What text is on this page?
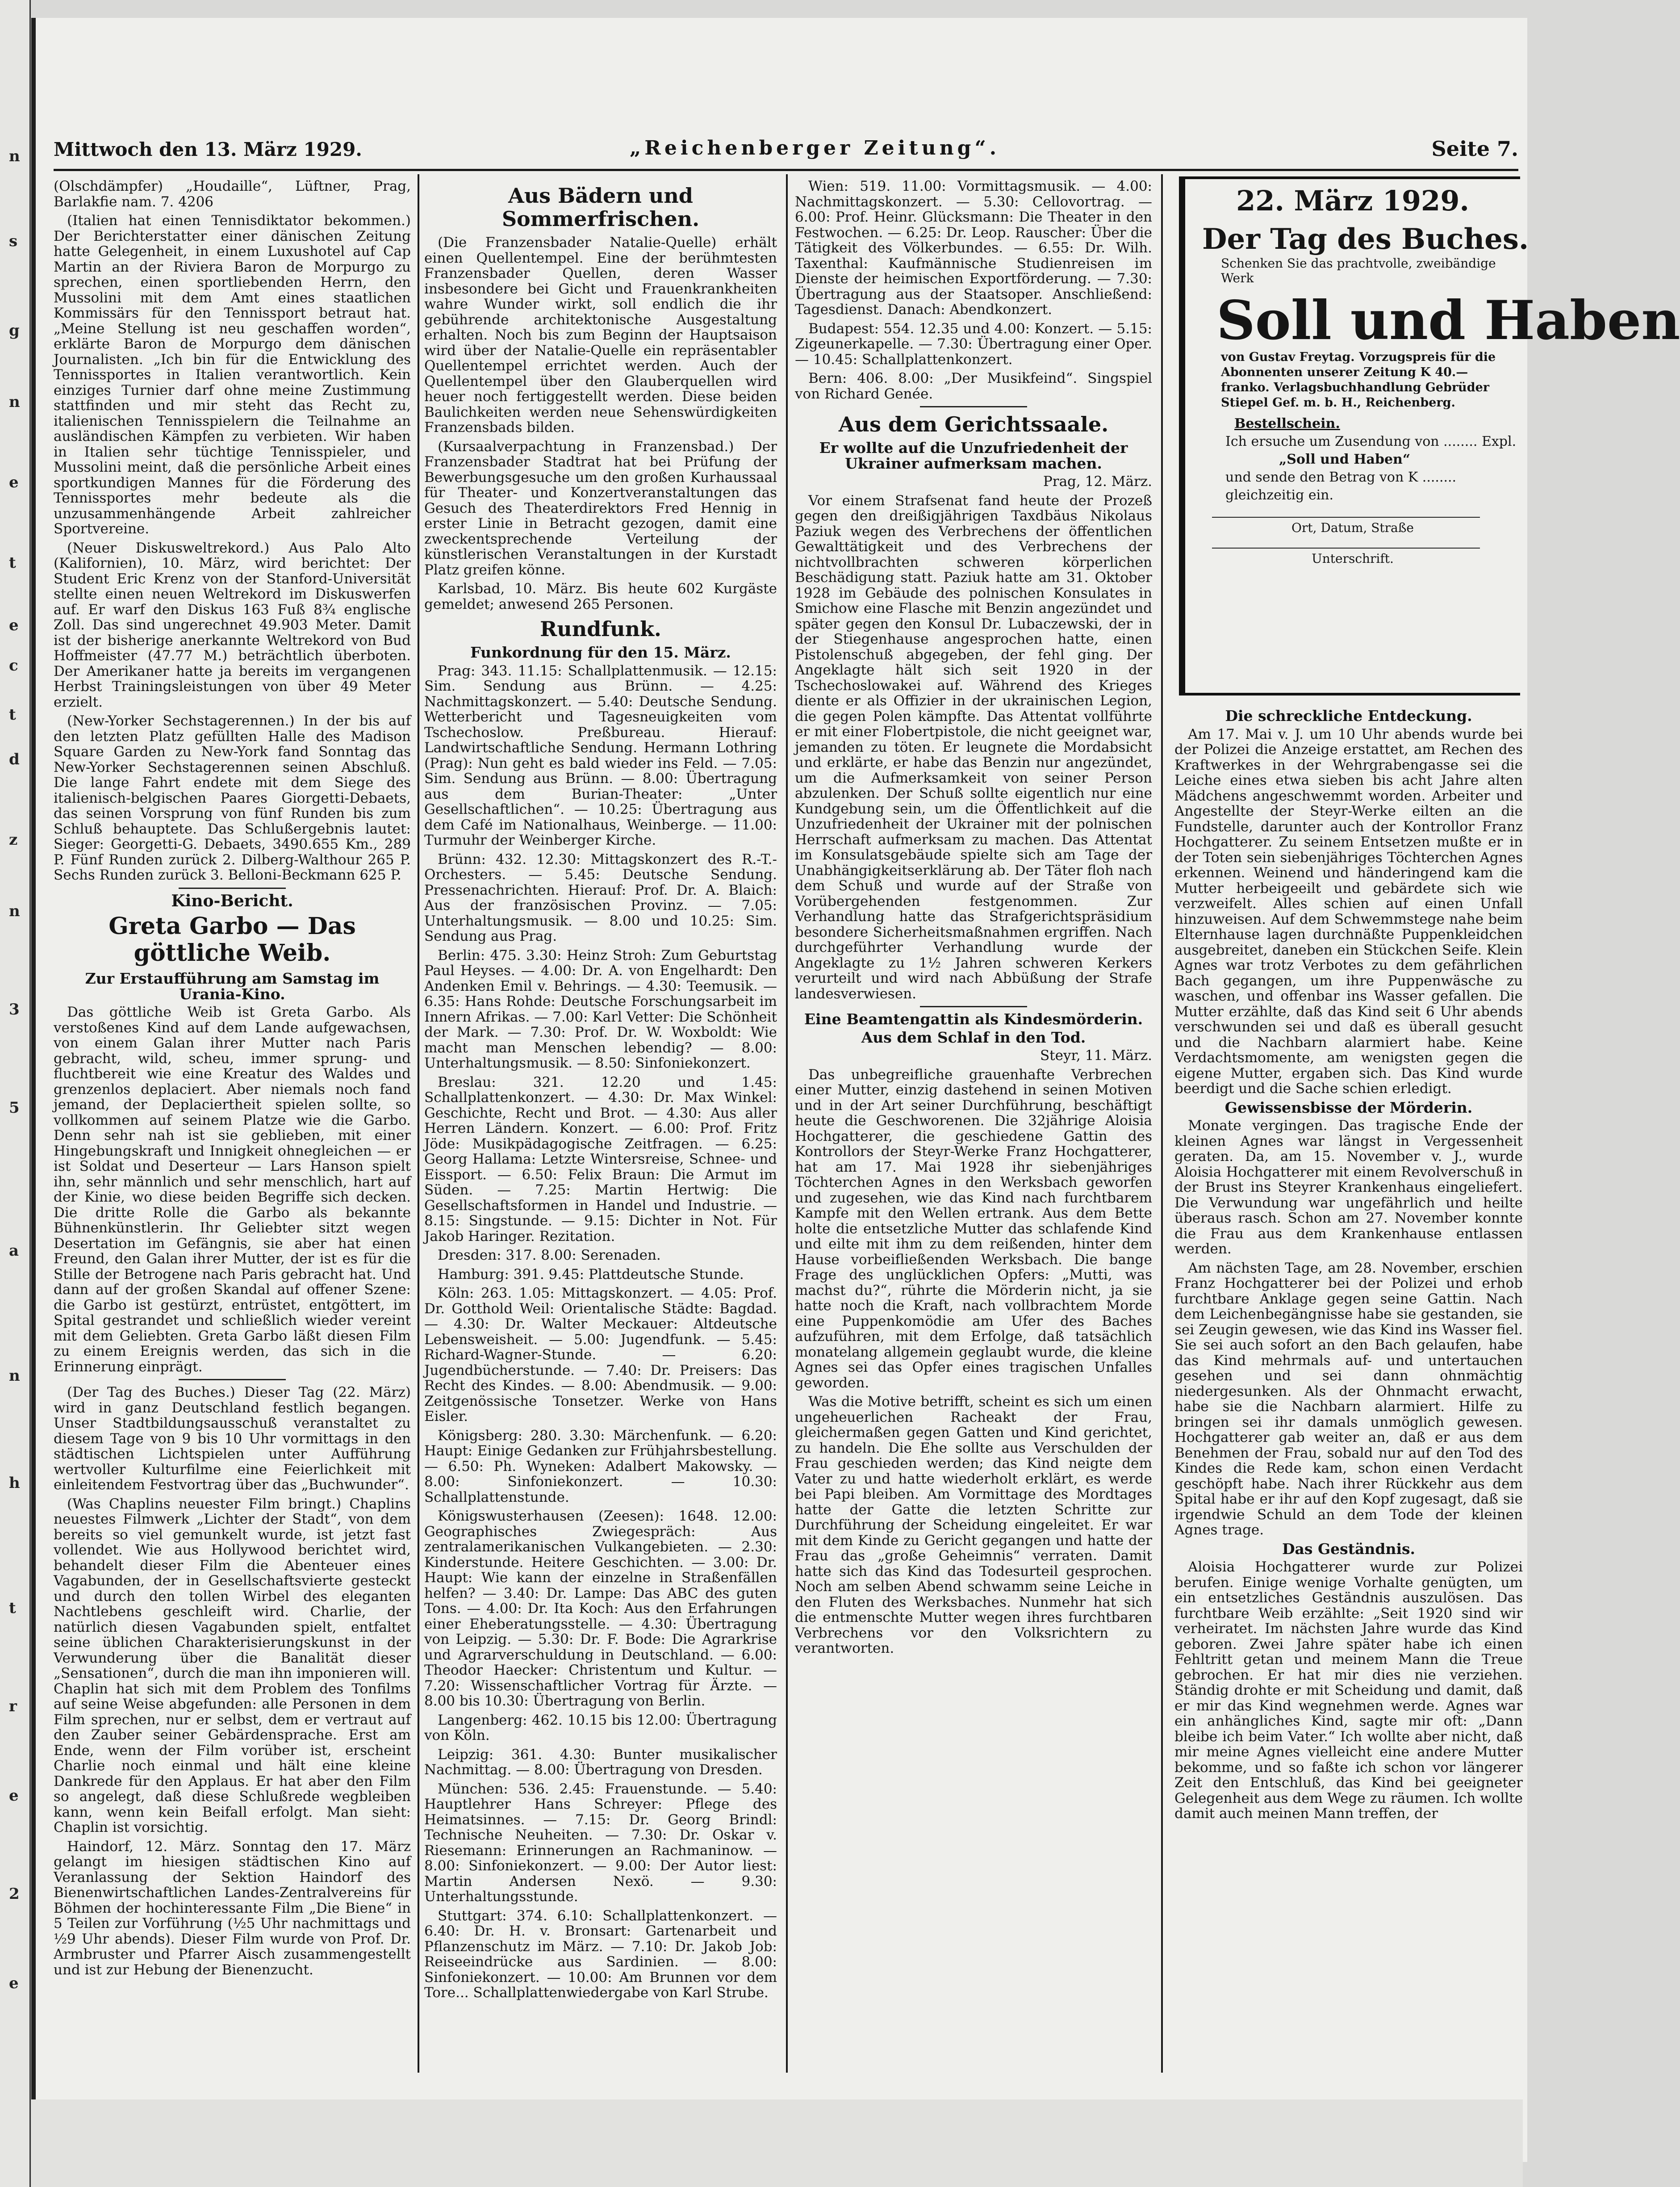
n
s
g
n
e
t
e
c
t
d
z
n
3
5
a
n
h
t
r
e
2
e
Mittwoch den 13. März 1929.	„Reichenberger Zeitung“.	Seite 7.

(Olschdämpfer) „Houdaille“, Lüftner, Prag, Barlakfie nam. 7. 4206

(Italien hat einen Tennisdiktator bekommen.) Der Berichterstatter einer dänischen Zeitung hatte Gelegenheit, in einem Luxushotel auf Cap Martin an der Riviera Baron de Morpurgo zu sprechen, einen sportliebenden Herrn, den Mussolini mit dem Amt eines staatlichen Kommissärs für den Tennissport betraut hat. „Meine Stellung ist neu geschaffen worden“, erklärte Baron de Morpurgo dem dänischen Journalisten. „Ich bin für die Entwicklung des Tennissportes in Italien verantwortlich. Kein einziges Turnier darf ohne meine Zustimmung stattfinden und mir steht das Recht zu, italienischen Tennisspielern die Teilnahme an ausländischen Kämpfen zu verbieten. Wir haben in Italien sehr tüchtige Tennisspieler, und Mussolini meint, daß die persönliche Arbeit eines sportkundigen Mannes für die Förderung des Tennissportes mehr bedeute als die unzusammenhängende Arbeit zahlreicher Sportvereine.

(Neuer Diskusweltrekord.) Aus Palo Alto (Kalifornien), 10. März, wird berichtet: Der Student Eric Krenz von der Stanford-Universität stellte einen neuen Weltrekord im Diskuswerfen auf. Er warf den Diskus 163 Fuß 8¾ englische Zoll. Das sind ungerechnet 49.903 Meter. Damit ist der bisherige anerkannte Weltrekord von Bud Hoffmeister (47.77 M.) beträchtlich überboten. Der Amerikaner hatte ja bereits im vergangenen Herbst Trainingsleistungen von über 49 Meter erzielt.

(New-Yorker Sechstagerennen.) In der bis auf den letzten Platz gefüllten Halle des Madison Square Garden zu New-York fand Sonntag das New-Yorker Sechstagerennen seinen Abschluß. Die lange Fahrt endete mit dem Siege des italienisch-belgischen Paares Giorgetti-Debaets, das seinen Vorsprung von fünf Runden bis zum Schluß behauptete. Das Schlußergebnis lautet: Sieger: Georgetti-G. Debaets, 3490.655 Km., 289 P. Fünf Runden zurück 2. Dilberg-Walthour 265 P. Sechs Runden zurück 3. Belloni-Beckmann 625 P.

Kino-Bericht.
Greta Garbo — Das göttliche Weib.
Zur Erstaufführung am Samstag im Urania-Kino.

Das göttliche Weib ist Greta Garbo. Als verstoßenes Kind auf dem Lande aufgewachsen, von einem Galan ihrer Mutter nach Paris gebracht, wild, scheu, immer sprung- und fluchtbereit wie eine Kreatur des Waldes und grenzenlos deplaciert. Aber niemals noch fand jemand, der Deplaciertheit spielen sollte, so vollkommen auf seinem Platze wie die Garbo. Denn sehr nah ist sie geblieben, mit einer Hingebungskraft und Innigkeit ohnegleichen — er ist Soldat und Deserteur — Lars Hanson spielt ihn, sehr männlich und sehr menschlich, hart auf der Kinie, wo diese beiden Begriffe sich decken. Die dritte Rolle die Garbo als bekannte Bühnenkünstlerin. Ihr Geliebter sitzt wegen Desertation im Gefängnis, sie aber hat einen Freund, den Galan ihrer Mutter, der ist es für die Stille der Betrogene nach Paris gebracht hat. Und dann auf der großen Skandal auf offener Szene: die Garbo ist gestürzt, entrüstet, entgöttert, im Spital gestrandet und schließlich wieder vereint mit dem Geliebten. Greta Garbo läßt diesen Film zu einem Ereignis werden, das sich in die Erinnerung einprägt.

(Der Tag des Buches.) Dieser Tag (22. März) wird in ganz Deutschland festlich begangen. Unser Stadtbildungsausschuß veranstaltet zu diesem Tage von 9 bis 10 Uhr vormittags in den städtischen Lichtspielen unter Aufführung wertvoller Kulturfilme eine Feierlichkeit mit einleitendem Festvortrag über das „Buchwunder“.

(Was Chaplins neuester Film bringt.) Chaplins neuestes Filmwerk „Lichter der Stadt“, von dem bereits so viel gemunkelt wurde, ist jetzt fast vollendet. Wie aus Hollywood berichtet wird, behandelt dieser Film die Abenteuer eines Vagabunden, der in Gesellschaftsvierte gesteckt und durch den tollen Wirbel des eleganten Nachtlebens geschleift wird. Charlie, der natürlich diesen Vagabunden spielt, entfaltet seine üblichen Charakterisierungskunst in der Verwunderung über die Banalität dieser „Sensationen“, durch die man ihn imponieren will. Chaplin hat sich mit dem Problem des Tonfilms auf seine Weise abgefunden: alle Personen in dem Film sprechen, nur er selbst, dem er vertraut auf den Zauber seiner Gebärdensprache. Erst am Ende, wenn der Film vorüber ist, erscheint Charlie noch einmal und hält eine kleine Dankrede für den Applaus. Er hat aber den Film so angelegt, daß diese Schlußrede wegbleiben kann, wenn kein Beifall erfolgt. Man sieht: Chaplin ist vorsichtig.

Haindorf, 12. März. Sonntag den 17. März gelangt im hiesigen städtischen Kino auf Veranlassung der Sektion Haindorf des Bienenwirtschaftlichen Landes-Zentralvereins für Böhmen der hochinteressante Film „Die Biene“ in 5 Teilen zur Vorführung (½5 Uhr nachmittags und ½9 Uhr abends). Dieser Film wurde von Prof. Dr. Armbruster und Pfarrer Aisch zusammengestellt und ist zur Hebung der Bienenzucht.

Aus Bädern und Sommerfrischen.

(Die Franzensbader Natalie-Quelle) erhält einen Quellentempel. Eine der berühmtesten Franzensbader Quellen, deren Wasser insbesondere bei Gicht und Frauenkrankheiten wahre Wunder wirkt, soll endlich die ihr gebührende architektonische Ausgestaltung erhalten. Noch bis zum Beginn der Hauptsaison wird über der Natalie-Quelle ein repräsentabler Quellentempel errichtet werden. Auch der Quellentempel über den Glauberquellen wird heuer noch fertiggestellt werden. Diese beiden Baulichkeiten werden neue Sehenswürdigkeiten Franzensbads bilden.

(Kursaalverpachtung in Franzensbad.) Der Franzensbader Stadtrat hat bei Prüfung der Bewerbungsgesuche um den großen Kurhaussaal für Theater- und Konzertveranstaltungen das Gesuch des Theaterdirektors Fred Hennig in erster Linie in Betracht gezogen, damit eine zweckentsprechende Verteilung der künstlerischen Veranstaltungen in der Kurstadt Platz greifen könne.

Karlsbad, 10. März. Bis heute 602 Kurgäste gemeldet; anwesend 265 Personen.

Rundfunk.
Funkordnung für den 15. März.

Prag: 343. 11.15: Schallplattenmusik. — 12.15: Sim. Sendung aus Brünn. — 4.25: Nachmittagskonzert. — 5.40: Deutsche Sendung. Wetterbericht und Tagesneuigkeiten vom Tschechoslow. Preßbureau. Hierauf: Landwirtschaftliche Sendung. Hermann Lothring (Prag): Nun geht es bald wieder ins Feld. — 7.05: Sim. Sendung aus Brünn. — 8.00: Übertragung aus dem Burian-Theater: „Unter Gesellschaftlichen“. — 10.25: Übertragung aus dem Café im Nationalhaus, Weinberge. — 11.00: Turmuhr der Weinberger Kirche.

Brünn: 432. 12.30: Mittagskonzert des R.-T.-Orchesters. — 5.45: Deutsche Sendung. Pressenachrichten. Hierauf: Prof. Dr. A. Blaich: Aus der französischen Provinz. — 7.05: Unterhaltungsmusik. — 8.00 und 10.25: Sim. Sendung aus Prag.

Berlin: 475. 3.30: Heinz Stroh: Zum Geburtstag Paul Heyses. — 4.00: Dr. A. von Engelhardt: Den Andenken Emil v. Behrings. — 4.30: Teemusik. — 6.35: Hans Rohde: Deutsche Forschungsarbeit im Innern Afrikas. — 7.00: Karl Vetter: Die Schönheit der Mark. — 7.30: Prof. Dr. W. Woxboldt: Wie macht man Menschen lebendig? — 8.00: Unterhaltungsmusik. — 8.50: Sinfoniekonzert.

Breslau: 321. 12.20 und 1.45: Schallplattenkonzert. — 4.30: Dr. Max Winkel: Geschichte, Recht und Brot. — 4.30: Aus aller Herren Ländern. Konzert. — 6.00: Prof. Fritz Jöde: Musikpädagogische Zeitfragen. — 6.25: Georg Hallama: Letzte Wintersreise, Schnee- und Eissport. — 6.50: Felix Braun: Die Armut im Süden. — 7.25: Martin Hertwig: Die Gesellschaftsformen in Handel und Industrie. — 8.15: Singstunde. — 9.15: Dichter in Not. Für Jakob Haringer. Rezitation.

Dresden: 317. 8.00: Serenaden.

Hamburg: 391. 9.45: Plattdeutsche Stunde.

Köln: 263. 1.05: Mittagskonzert. — 4.05: Prof. Dr. Gotthold Weil: Orientalische Städte: Bagdad. — 4.30: Dr. Walter Meckauer: Altdeutsche Lebensweisheit. — 5.00: Jugendfunk. — 5.45: Richard-Wagner-Stunde. — 6.20: Jugendbücherstunde. — 7.40: Dr. Preisers: Das Recht des Kindes. — 8.00: Abendmusik. — 9.00: Zeitgenössische Tonsetzer. Werke von Hans Eisler.

Königsberg: 280. 3.30: Märchenfunk. — 6.20: Haupt: Einige Gedanken zur Frühjahrsbestellung. — 6.50: Ph. Wyneken: Adalbert Makowsky. — 8.00: Sinfoniekonzert. — 10.30: Schallplattenstunde.

Königswusterhausen (Zeesen): 1648. 12.00: Geographisches Zwiegespräch: Aus zentralamerikanischen Vulkangebieten. — 2.30: Kinderstunde. Heitere Geschichten. — 3.00: Dr. Haupt: Wie kann der einzelne in Straßenfällen helfen? — 3.40: Dr. Lampe: Das ABC des guten Tons. — 4.00: Dr. Ita Koch: Aus den Erfahrungen einer Eheberatungsstelle. — 4.30: Übertragung von Leipzig. — 5.30: Dr. F. Bode: Die Agrarkrise und Agrarverschuldung in Deutschland. — 6.00: Theodor Haecker: Christentum und Kultur. — 7.20: Wissenschaftlicher Vortrag für Ärzte. — 8.00 bis 10.30: Übertragung von Berlin.

Langenberg: 462. 10.15 bis 12.00: Übertragung von Köln.

Leipzig: 361. 4.30: Bunter musikalischer Nachmittag. — 8.00: Übertragung von Dresden.

München: 536. 2.45: Frauenstunde. — 5.40: Hauptlehrer Hans Schreyer: Pflege des Heimatsinnes. — 7.15: Dr. Georg Brindl: Technische Neuheiten. — 7.30: Dr. Oskar v. Riesemann: Erinnerungen an Rachmaninow. — 8.00: Sinfoniekonzert. — 9.00: Der Autor liest: Martin Andersen Nexö. — 9.30: Unterhaltungsstunde.

Stuttgart: 374. 6.10: Schallplattenkonzert. — 6.40: Dr. H. v. Bronsart: Gartenarbeit und Pflanzenschutz im März. — 7.10: Dr. Jakob Job: Reiseeindrücke aus Sardinien. — 8.00: Sinfoniekonzert. — 10.00: Am Brunnen vor dem Tore... Schallplattenwiedergabe von Karl Strube.

Wien: 519. 11.00: Vormittagsmusik. — 4.00: Nachmittagskonzert. — 5.30: Cellovortrag. — 6.00: Prof. Heinr. Glücksmann: Die Theater in den Festwochen. — 6.25: Dr. Leop. Rauscher: Über die Tätigkeit des Völkerbundes. — 6.55: Dr. Wilh. Taxenthal: Kaufmännische Studienreisen im Dienste der heimischen Exportförderung. — 7.30: Übertragung aus der Staatsoper. Anschließend: Tagesdienst. Danach: Abendkonzert.

Budapest: 554. 12.35 und 4.00: Konzert. — 5.15: Zigeunerkapelle. — 7.30: Übertragung einer Oper. — 10.45: Schallplattenkonzert.

Bern: 406. 8.00: „Der Musikfeind“. Singspiel von Richard Genée.

Aus dem Gerichtssaale.
Er wollte auf die Unzufriedenheit der Ukrainer aufmerksam machen.

Prag, 12. März.

Vor einem Strafsenat fand heute der Prozeß gegen den dreißigjährigen Taxdbäus Nikolaus Paziuk wegen des Verbrechens der öffentlichen Gewalttätigkeit und des Verbrechens der nichtvollbrachten schweren körperlichen Beschädigung statt. Paziuk hatte am 31. Oktober 1928 im Gebäude des polnischen Konsulates in Smichow eine Flasche mit Benzin angezündet und später gegen den Konsul Dr. Lubaczewski, der in der Stiegenhause angesprochen hatte, einen Pistolenschuß abgegeben, der fehl ging. Der Angeklagte hält sich seit 1920 in der Tschechoslowakei auf. Während des Krieges diente er als Offizier in der ukrainischen Legion, die gegen Polen kämpfte. Das Attentat vollführte er mit einer Flobertpistole, die nicht geeignet war, jemanden zu töten. Er leugnete die Mordabsicht und erklärte, er habe das Benzin nur angezündet, um die Aufmerksamkeit von seiner Person abzulenken. Der Schuß sollte eigentlich nur eine Kundgebung sein, um die Öffentlichkeit auf die Unzufriedenheit der Ukrainer mit der polnischen Herrschaft aufmerksam zu machen. Das Attentat im Konsulatsgebäude spielte sich am Tage der Unabhängigkeitserklärung ab. Der Täter floh nach dem Schuß und wurde auf der Straße von Vorübergehenden festgenommen. Zur Verhandlung hatte das Strafgerichtspräsidium besondere Sicherheitsmaßnahmen ergriffen. Nach durchgeführter Verhandlung wurde der Angeklagte zu 1½ Jahren schweren Kerkers verurteilt und wird nach Abbüßung der Strafe landesverwiesen.

Eine Beamtengattin als Kindesmörderin.
Aus dem Schlaf in den Tod.

Steyr, 11. März.

Das unbegreifliche grauenhafte Verbrechen einer Mutter, einzig dastehend in seinen Motiven und in der Art seiner Durchführung, beschäftigt heute die Geschworenen. Die 32jährige Aloisia Hochgatterer, die geschiedene Gattin des Kontrollors der Steyr-Werke Franz Hochgatterer, hat am 17. Mai 1928 ihr siebenjähriges Töchterchen Agnes in den Werksbach geworfen und zugesehen, wie das Kind nach furchtbarem Kampfe mit den Wellen ertrank. Aus dem Bette holte die entsetzliche Mutter das schlafende Kind und eilte mit ihm zu dem reißenden, hinter dem Hause vorbeifließenden Werksbach. Die bange Frage des unglücklichen Opfers: „Mutti, was machst du?“, rührte die Mörderin nicht, ja sie hatte noch die Kraft, nach vollbrachtem Morde eine Puppenkomödie am Ufer des Baches aufzuführen, mit dem Erfolge, daß tatsächlich monatelang allgemein geglaubt wurde, die kleine Agnes sei das Opfer eines tragischen Unfalles geworden.

Was die Motive betrifft, scheint es sich um einen ungeheuerlichen Racheakt der Frau, gleichermaßen gegen Gatten und Kind gerichtet, zu handeln. Die Ehe sollte aus Verschulden der Frau geschieden werden; das Kind neigte dem Vater zu und hatte wiederholt erklärt, es werde bei Papi bleiben. Am Vormittage des Mordtages hatte der Gatte die letzten Schritte zur Durchführung der Scheidung eingeleitet. Er war mit dem Kinde zu Gericht gegangen und hatte der Frau das „große Geheimnis“ verraten. Damit hatte sich das Kind das Todesurteil gesprochen. Noch am selben Abend schwamm seine Leiche in den Fluten des Werksbaches. Nunmehr hat sich die entmenschte Mutter wegen ihres furchtbaren Verbrechens vor den Volksrichtern zu verantworten.

22. März 1929.
Der Tag des Buches.
Schenken Sie das prachtvolle, zweibändige Werk
Soll und Haben
von Gustav Freytag. Vorzugspreis für die Abonnenten unserer Zeitung K 40.— franko. Verlagsbuchhandlung Gebrüder Stiepel Gef. m. b. H., Reichenberg.
Bestellschein.
Ich ersuche um Zusendung von ........ Expl.
„Soll und Haben“
und sende den Betrag von K ........ gleichzeitig ein.
Ort, Datum, Straße
Unterschrift.
Die schreckliche Entdeckung.

Am 17. Mai v. J. um 10 Uhr abends wurde bei der Polizei die Anzeige erstattet, am Rechen des Kraftwerkes in der Wehrgrabengasse sei die Leiche eines etwa sieben bis acht Jahre alten Mädchens angeschwemmt worden. Arbeiter und Angestellte der Steyr-Werke eilten an die Fundstelle, darunter auch der Kontrollor Franz Hochgatterer. Zu seinem Entsetzen mußte er in der Toten sein siebenjähriges Töchterchen Agnes erkennen. Weinend und händeringend kam die Mutter herbeigeeilt und gebärdete sich wie verzweifelt. Alles schien auf einen Unfall hinzuweisen. Auf dem Schwemmstege nahe beim Elternhause lagen durchnäßte Puppenkleidchen ausgebreitet, daneben ein Stückchen Seife. Klein Agnes war trotz Verbotes zu dem gefährlichen Bach gegangen, um ihre Puppenwäsche zu waschen, und offenbar ins Wasser gefallen. Die Mutter erzählte, daß das Kind seit 6 Uhr abends verschwunden sei und daß es überall gesucht und die Nachbarn alarmiert habe. Keine Verdachtsmomente, am wenigsten gegen die eigene Mutter, ergaben sich. Das Kind wurde beerdigt und die Sache schien erledigt.

Gewissensbisse der Mörderin.

Monate vergingen. Das tragische Ende der kleinen Agnes war längst in Vergessenheit geraten. Da, am 15. November v. J., wurde Aloisia Hochgatterer mit einem Revolverschuß in der Brust ins Steyrer Krankenhaus eingeliefert. Die Verwundung war ungefährlich und heilte überaus rasch. Schon am 27. November konnte die Frau aus dem Krankenhause entlassen werden.

Am nächsten Tage, am 28. November, erschien Franz Hochgatterer bei der Polizei und erhob furchtbare Anklage gegen seine Gattin. Nach dem Leichenbegängnisse habe sie gestanden, sie sei Zeugin gewesen, wie das Kind ins Wasser fiel. Sie sei auch sofort an den Bach gelaufen, habe das Kind mehrmals auf- und untertauchen gesehen und sei dann ohnmächtig niedergesunken. Als der Ohnmacht erwacht, habe sie die Nachbarn alarmiert. Hilfe zu bringen sei ihr damals unmöglich gewesen. Hochgatterer gab weiter an, daß er aus dem Benehmen der Frau, sobald nur auf den Tod des Kindes die Rede kam, schon einen Verdacht geschöpft habe. Nach ihrer Rückkehr aus dem Spital habe er ihr auf den Kopf zugesagt, daß sie irgendwie Schuld an dem Tode der kleinen Agnes trage.

Das Geständnis.

Aloisia Hochgatterer wurde zur Polizei berufen. Einige wenige Vorhalte genügten, um ein entsetzliches Geständnis auszulösen. Das furchtbare Weib erzählte: „Seit 1920 sind wir verheiratet. Im nächsten Jahre wurde das Kind geboren. Zwei Jahre später habe ich einen Fehltritt getan und meinem Mann die Treue gebrochen. Er hat mir dies nie verziehen. Ständig drohte er mit Scheidung und damit, daß er mir das Kind wegnehmen werde. Agnes war ein anhängliches Kind, sagte mir oft: „Dann bleibe ich beim Vater.“ Ich wollte aber nicht, daß mir meine Agnes vielleicht eine andere Mutter bekomme, und so faßte ich schon vor längerer Zeit den Entschluß, das Kind bei geeigneter Gelegenheit aus dem Wege zu räumen. Ich wollte damit auch meinen Mann treffen, der
